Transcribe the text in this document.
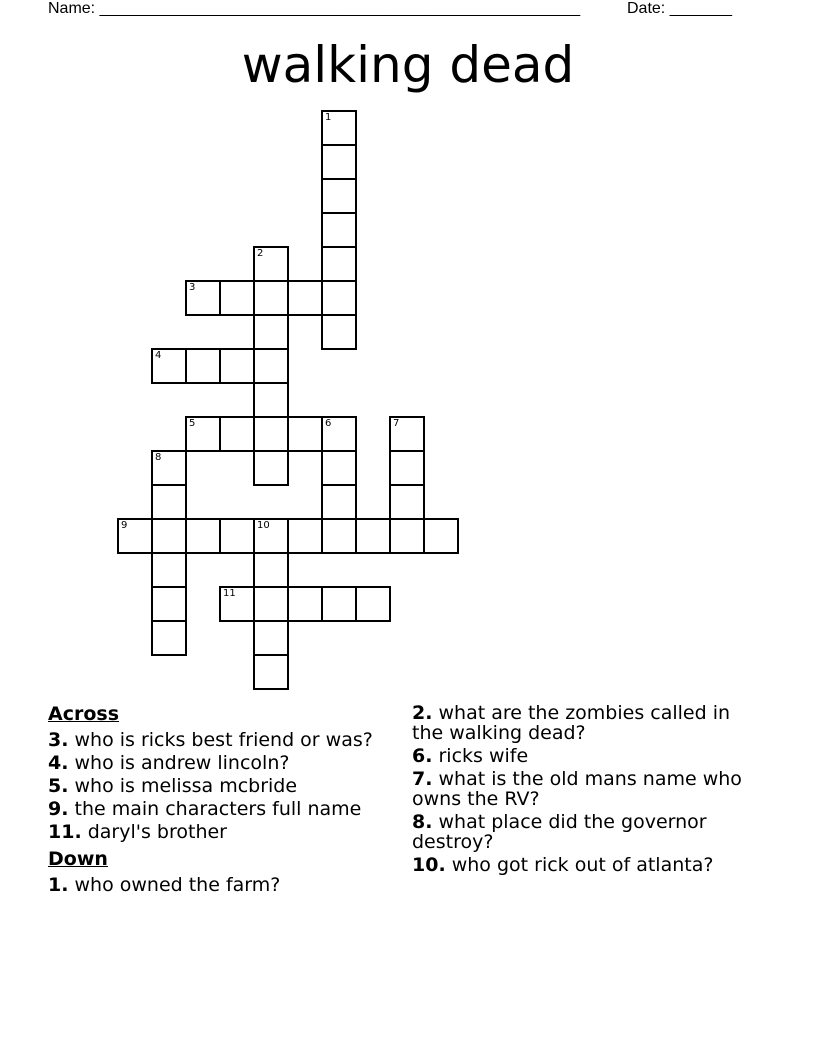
Name: ______________________________________________________	Date: _______
walking dead
1
2
3
4
5	6	7
8
9	10
11
Across
3. who is ricks best friend or was?
4. who is andrew lincoln?
5. who is melissa mcbride
9. the main characters full name
11. daryl's brother
Down
1. who owned the farm?
2. what are the zombies called in the walking dead?
6. ricks wife
7. what is the old mans name who owns the RV?
8. what place did the governor destroy?
10. who got rick out of atlanta?
